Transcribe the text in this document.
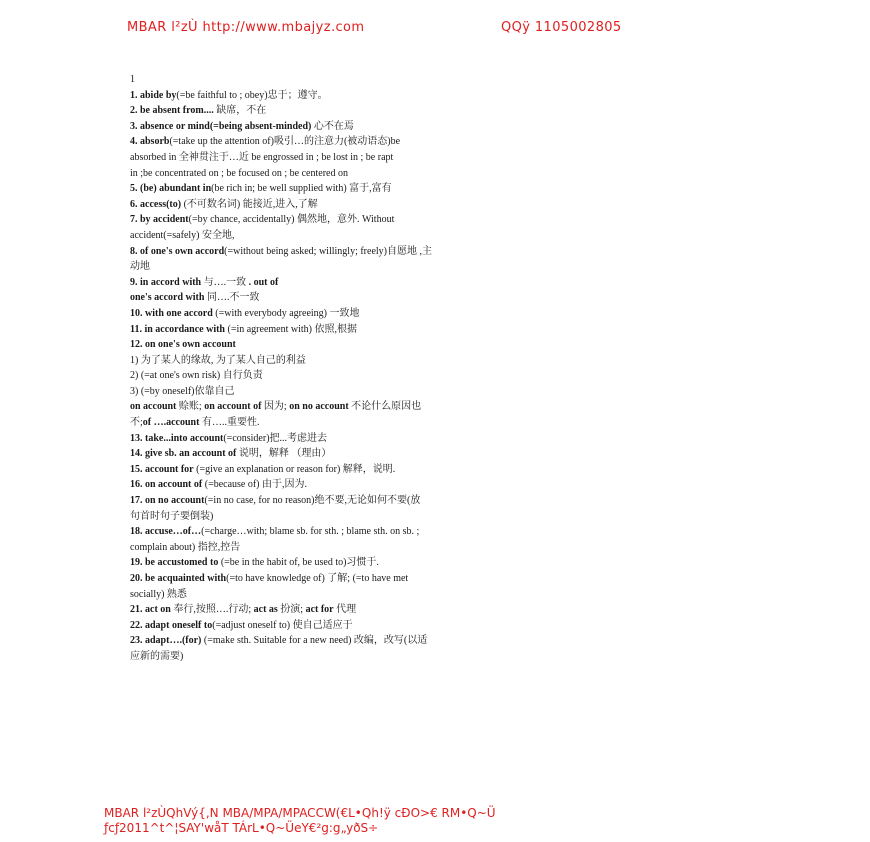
MBAR l²zÙ http://www.mbajyz.com	QQÿ 1105002805
1
1. abide by(=be faithful to ; obey)忠于；遵守。
2. be absent from.... 缺席，不在
3. absence or mind(=being absent-minded) 心不在焉
4. absorb(=take up the attention of)吸引…的注意力(被动语态)be
absorbed in 全神贯注于…近 be engrossed in ; be lost in ; be rapt
in ;be concentrated on ; be focused on ; be centered on
5. (be) abundant in(be rich in; be well supplied with) 富于,富有
6. access(to) (不可数名词) 能接近,进入,了解
7. by accident(=by chance, accidentally) 偶然地，意外. Without
accident(=safely) 安全地,
8. of one's own accord(=without being asked; willingly; freely)自愿地 ,主
动地
9. in accord with 与….一致 . out of
one's accord with 同….不一致
10. with one accord (=with everybody agreeing) 一致地
11. in accordance with (=in agreement with) 依照,根据
12. on one's own account
1) 为了某人的缘故, 为了某人自己的利益
2) (=at one's own risk) 自行负责
3) (=by oneself)依靠自己
on account 赊账; on account of 因为; on no account 不论什么原因也
不;of ….account 有…..重要性.
13. take...into account(=consider)把...考虑进去
14. give sb. an account of 说明，解释 （理由）
15. account for (=give an explanation or reason for) 解释，说明.
16. on account of (=because of) 由于,因为.
17. on no account(=in no case, for no reason)绝不要,无论如何不要(放
句首时句子要倒装)
18. accuse…of…(=charge…with; blame sb. for sth. ; blame sth. on sb. ;
complain about) 指控,控告
19. be accustomed to (=be in the habit of, be used to)习惯于.
20. be acquainted with(=to have knowledge of) 了解; (=to have met
socially) 熟悉
21. act on 奉行,按照….行动; act as 扮演; act for 代理
22. adapt oneself to(=adjust oneself to) 使自己适应于
23. adapt….(for) (=make sth. Suitable for a new need) 改编，改写(以适
应新的需要)
MBAR l²zÙQhVý{,N MBA/MPA/MPACCW(€L•Qh!ÿ cÐO>€ RM•Q~Ü
ƒcƒ2011^t^¦SAY'wåT TÁrL•Q~ÜeY€²g:g„yðS÷
